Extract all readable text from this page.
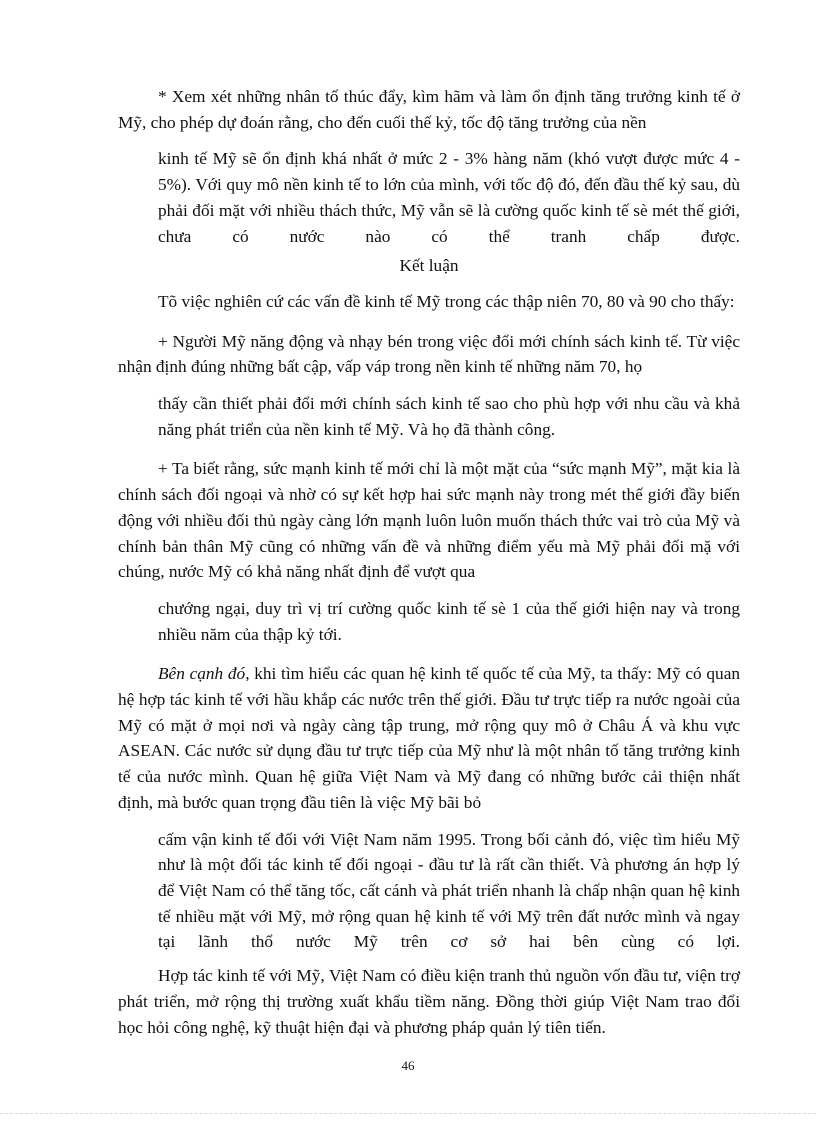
* Xem xét những nhân tố thúc đẩy, kìm hãm và làm ổn định tăng trưởng kinh tế ở Mỹ, cho phép dự đoán rằng, cho đến cuối thế kỷ, tốc độ tăng trưởng của nền

kinh tế Mỹ sẽ ổn định khá nhất ở mức 2 - 3% hàng năm (khó vượt được mức 4 - 5%). Với quy mô nền kinh tế to lớn của mình, với tốc độ đó, đến đầu thế kỷ sau, dù phải đối mặt với nhiều thách thức, Mỹ vẫn sẽ là cường quốc kinh tế sè mét thế giới, chưa có nước nào có thể tranh chấp được.

Kết luận

Tõ việc nghiên cứ các vấn đề kinh tế Mỹ trong các thập niên 70, 80 và 90 cho thấy:

+ Người Mỹ năng động và nhạy bén trong việc đổi mới chính sách kinh tế. Từ việc nhận định đúng những bất cập, vấp váp trong nền kinh tế những năm 70, họ

thấy cần thiết phải đổi mới chính sách kinh tế sao cho phù hợp với nhu cầu và khả năng phát triển của nền kinh tế Mỹ. Và họ đã thành công.

+ Ta biết rằng, sức mạnh kinh tế mới chỉ là một mặt của “sức mạnh Mỹ”, mặt kia là chính sách đối ngoại và nhờ có sự kết hợp hai sức mạnh này trong mét thế giới đầy biến động với nhiều đối thủ ngày càng lớn mạnh luôn luôn muốn thách thức vai trò của Mỹ và chính bản thân Mỹ cũng có những vấn đề và những điểm yếu mà Mỹ phải đối mặ với chúng, nước Mỹ có khả năng nhất định để vượt qua

chướng ngại, duy trì vị trí cường quốc kinh tế sè 1 của thế giới hiện nay và trong nhiều năm của thập kỷ tới.

Bên cạnh đó, khi tìm hiểu các quan hệ kinh tế quốc tế của Mỹ, ta thấy: Mỹ có quan hệ hợp tác kinh tế với hầu khắp các nước trên thế giới. Đầu tư trực tiếp ra nước ngoài của Mỹ có mặt ở mọi nơi và ngày càng tập trung, mở rộng quy mô ở Châu Á và khu vực ASEAN. Các nước sử dụng đầu tư trực tiếp của Mỹ như là một nhân tố tăng trưởng kinh tế của nước mình. Quan hệ giữa Việt Nam và Mỹ đang có những bước cải thiện nhất định, mà bước quan trọng đầu tiên là việc Mỹ bãi bỏ

cấm vận kinh tế đối với Việt Nam năm 1995. Trong bối cảnh đó, việc tìm hiểu Mỹ như là một đối tác kinh tế đối ngoại - đầu tư là rất cần thiết. Và phương án hợp lý để Việt Nam có thể tăng tốc, cất cánh và phát triển nhanh là chấp nhận quan hệ kinh tế nhiều mặt với Mỹ, mở rộng quan hệ kinh tế với Mỹ trên đất nước mình và ngay tại lãnh thổ nước Mỹ trên cơ sở hai bên cùng có lợi.

Hợp tác kinh tế với Mỹ, Việt Nam có điều kiện tranh thủ nguồn vốn đầu tư, viện trợ phát triển, mở rộng thị trường xuất khẩu tiềm năng. Đồng thời giúp Việt Nam trao đổi học hỏi công nghệ, kỹ thuật hiện đại và phương pháp quản lý tiên tiến.

46
